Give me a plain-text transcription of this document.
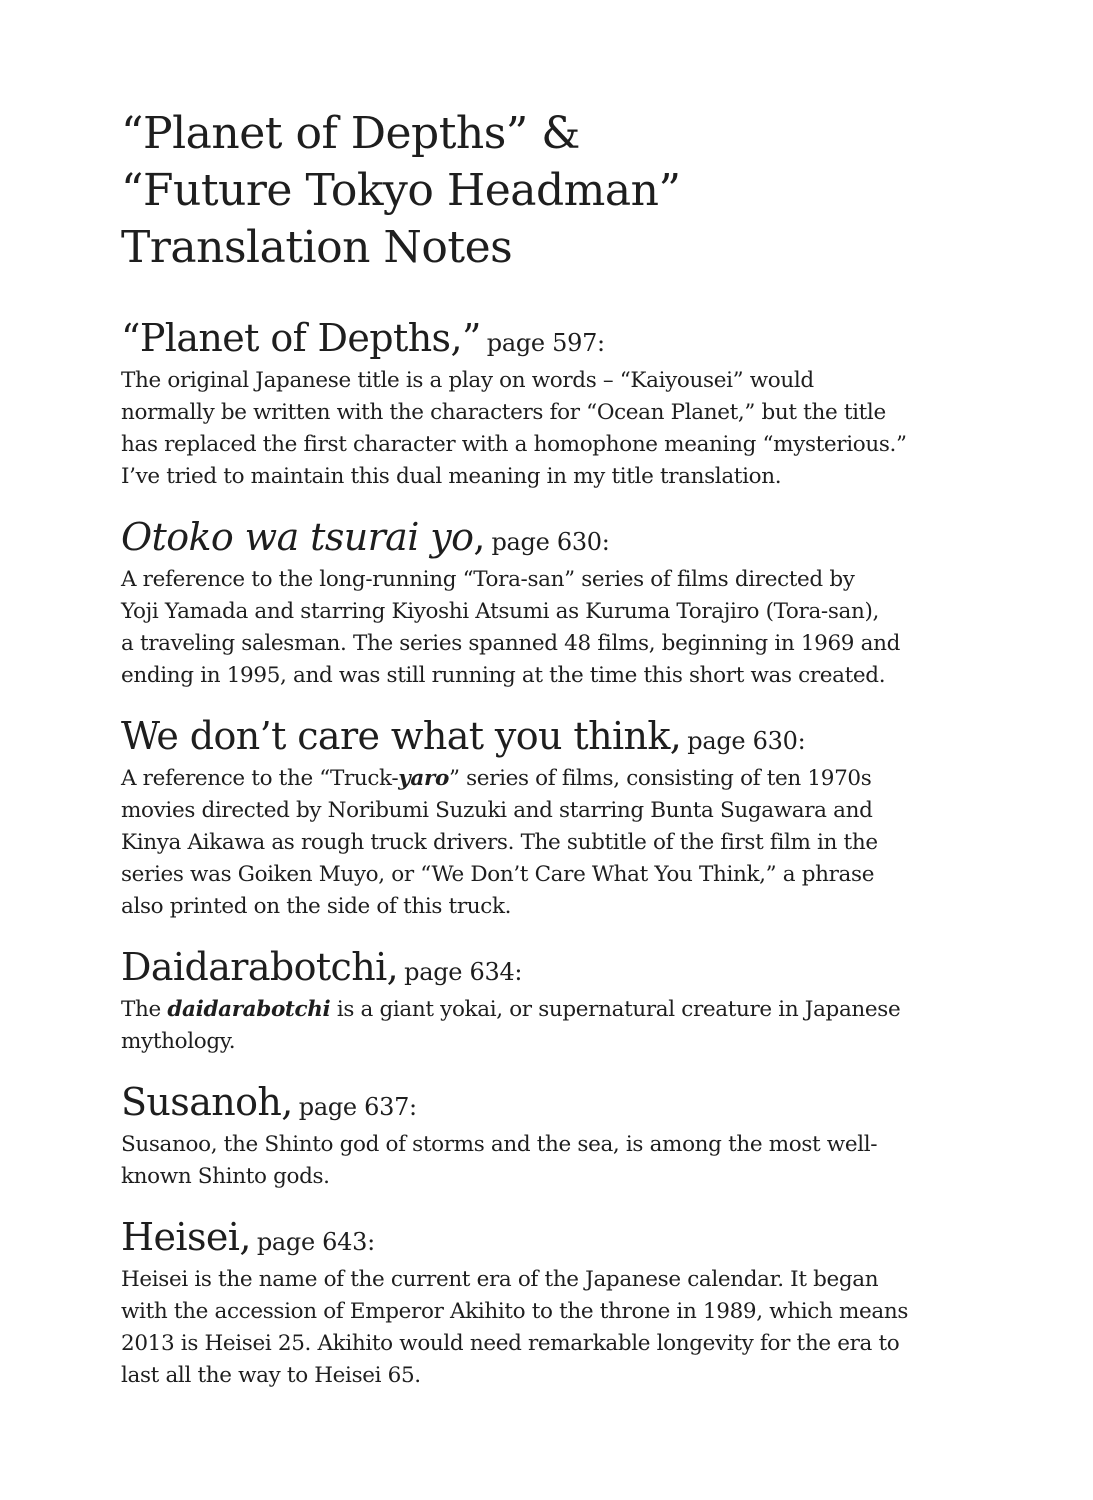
“Planet of Depths” &
“Future Tokyo Headman”
Translation Notes
“Planet of Depths,” page 597:

The original Japanese title is a play on words – “Kaiyousei” would
normally be written with the characters for “Ocean Planet,” but the title
has replaced the first character with a homophone meaning “mysterious.”
I’ve tried to maintain this dual meaning in my title translation.

Otoko wa tsurai yo, page 630:

A reference to the long-running “Tora-san” series of films directed by
Yoji Yamada and starring Kiyoshi Atsumi as Kuruma Torajiro (Tora-san),
a traveling salesman. The series spanned 48 films, beginning in 1969 and
ending in 1995, and was still running at the time this short was created.

We don’t care what you think, page 630:

A reference to the “Truck-yaro” series of films, consisting of ten 1970s
movies directed by Noribumi Suzuki and starring Bunta Sugawara and
Kinya Aikawa as rough truck drivers. The subtitle of the first film in the
series was Goiken Muyo, or “We Don’t Care What You Think,” a phrase
also printed on the side of this truck.

Daidarabotchi, page 634:

The daidarabotchi is a giant yokai, or supernatural creature in Japanese
mythology.

Susanoh, page 637:

Susanoo, the Shinto god of storms and the sea, is among the most well-
known Shinto gods.

Heisei, page 643:

Heisei is the name of the current era of the Japanese calendar. It began
with the accession of Emperor Akihito to the throne in 1989, which means
2013 is Heisei 25. Akihito would need remarkable longevity for the era to
last all the way to Heisei 65.
